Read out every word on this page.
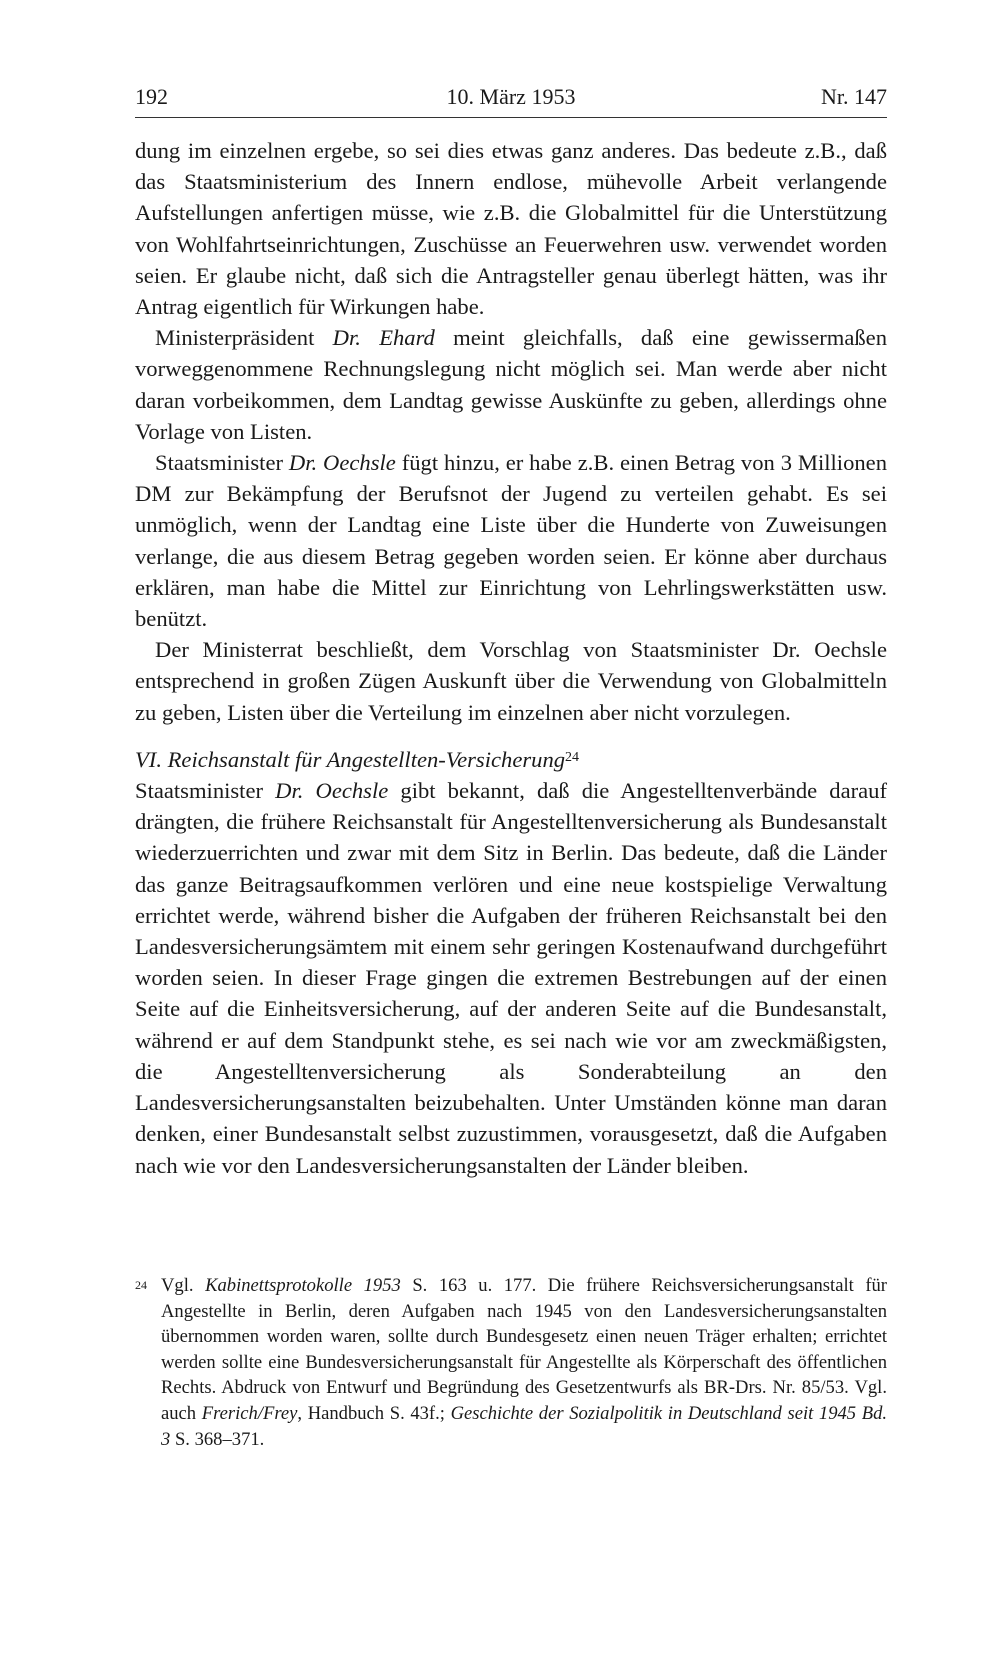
192	10. März 1953	Nr. 147

dung im einzelnen ergebe, so sei dies etwas ganz anderes. Das bedeute z.B., daß das Staatsministerium des Innern endlose, mühevolle Arbeit verlangende Aufstellungen anfertigen müsse, wie z.B. die Globalmittel für die Unterstützung von Wohlfahrtseinrichtungen, Zuschüsse an Feuerwehren usw. verwendet worden seien. Er glaube nicht, daß sich die Antragsteller genau überlegt hätten, was ihr Antrag eigentlich für Wirkungen habe.

Ministerpräsident Dr. Ehard meint gleichfalls, daß eine gewissermaßen vorweggenommene Rechnungslegung nicht möglich sei. Man werde aber nicht daran vorbeikommen, dem Landtag gewisse Auskünfte zu geben, allerdings ohne Vorlage von Listen.

Staatsminister Dr. Oechsle fügt hinzu, er habe z.B. einen Betrag von 3 Millionen DM zur Bekämpfung der Berufsnot der Jugend zu verteilen gehabt. Es sei unmöglich, wenn der Landtag eine Liste über die Hunderte von Zuweisungen verlange, die aus diesem Betrag gegeben worden seien. Er könne aber durchaus erklären, man habe die Mittel zur Einrichtung von Lehrlingswerkstätten usw. benützt.

Der Ministerrat beschließt, dem Vorschlag von Staatsminister Dr. Oechsle entsprechend in großen Zügen Auskunft über die Verwendung von Globalmitteln zu geben, Listen über die Verteilung im einzelnen aber nicht vorzulegen.

VI. Reichsanstalt für Angestellten-Versicherung$^{24}$

Staatsminister Dr. Oechsle gibt bekannt, daß die Angestelltenverbände darauf drängten, die frühere Reichsanstalt für Angestelltenversicherung als Bundesanstalt wiederzuerrichten und zwar mit dem Sitz in Berlin. Das bedeute, daß die Länder das ganze Beitragsaufkommen verlören und eine neue kostspielige Verwaltung errichtet werde, während bisher die Aufgaben der früheren Reichsanstalt bei den Landesversicherungsämtem mit einem sehr geringen Kostenaufwand durchgeführt worden seien. In dieser Frage gingen die extremen Bestrebungen auf der einen Seite auf die Einheitsversicherung, auf der anderen Seite auf die Bundesanstalt, während er auf dem Standpunkt stehe, es sei nach wie vor am zweckmäßigsten, die Angestelltenversicherung als Sonderabteilung an den Landesversicherungsanstalten beizubehalten. Unter Umständen könne man daran denken, einer Bundesanstalt selbst zuzustimmen, vorausgesetzt, daß die Aufgaben nach wie vor den Landesversicherungsanstalten der Länder bleiben.

24 Vgl. Kabinettsprotokolle 1953 S. 163 u. 177. Die frühere Reichsversicherungsanstalt für Angestellte in Berlin, deren Aufgaben nach 1945 von den Landesversicherungsanstalten übernommen worden waren, sollte durch Bundesgesetz einen neuen Träger erhalten; errichtet werden sollte eine Bundesversicherungsanstalt für Angestellte als Körperschaft des öffentlichen Rechts. Abdruck von Entwurf und Begründung des Gesetzentwurfs als BR-Drs. Nr. 85/53. Vgl. auch Frerich/Frey, Handbuch S. 43f.; Geschichte der Sozialpolitik in Deutschland seit 1945 Bd. 3 S. 368–371.
